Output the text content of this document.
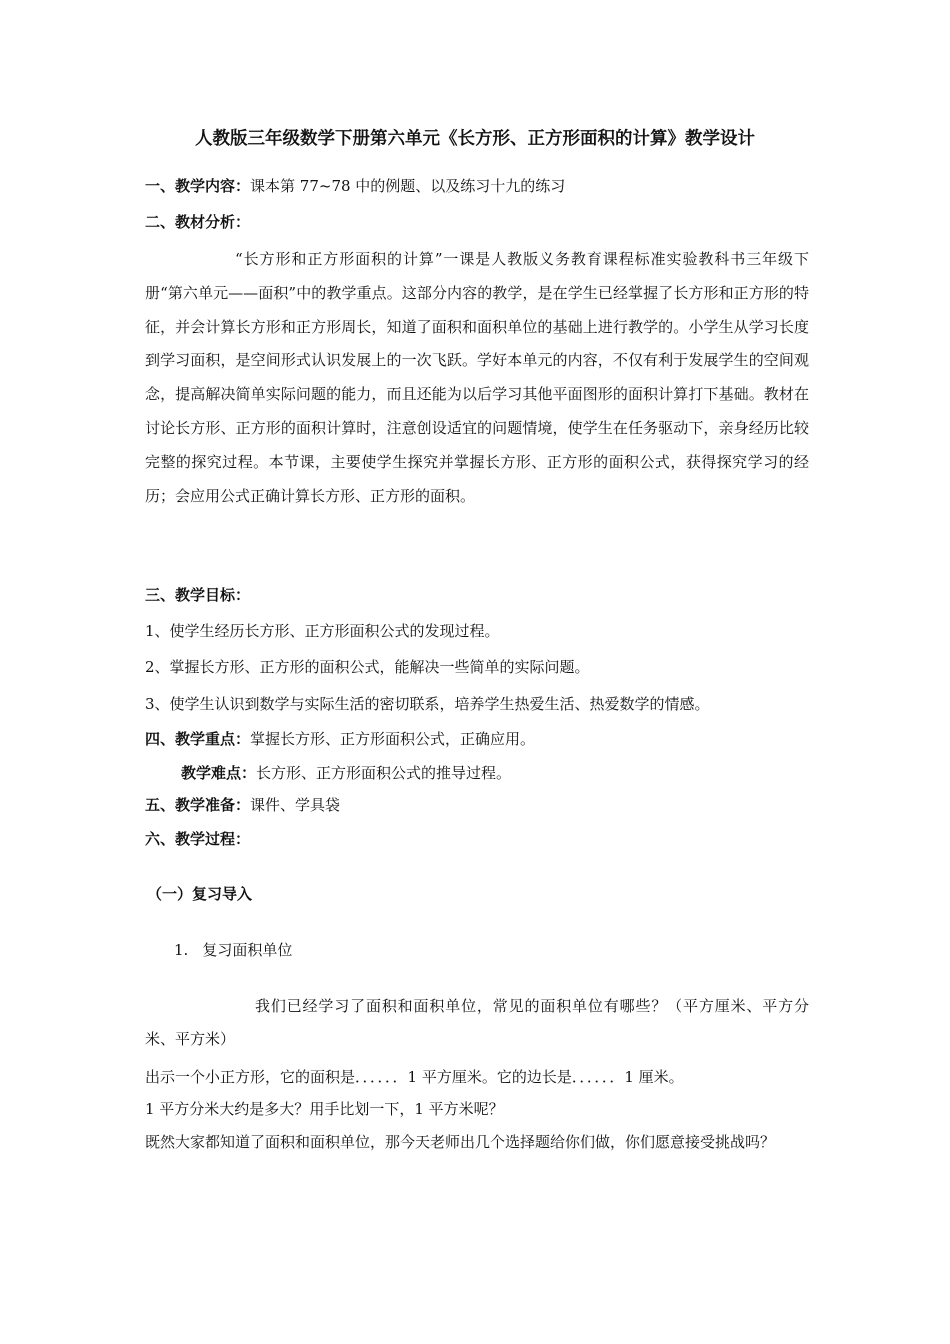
人教版三年级数学下册第六单元《长方形、正方形面积的计算》教学设计
一、教学内容：课本第 77~78 中的例题、以及练习十九的练习
二、教材分析：
“长方形和正方形面积的计算”一课是人教版义务教育课程标准实验教科书三年级下册“第六单元——面积”中的教学重点。这部分内容的教学，是在学生已经掌握了长方形和正方形的特征，并会计算长方形和正方形周长，知道了面积和面积单位的基础上进行教学的。小学生从学习长度到学习面积，是空间形式认识发展上的一次飞跃。学好本单元的内容，不仅有利于发展学生的空间观念，提高解决简单实际问题的能力，而且还能为以后学习其他平面图形的面积计算打下基础。教材在讨论长方形、正方形的面积计算时，注意创设适宜的问题情境，使学生在任务驱动下，亲身经历比较完整的探究过程。本节课，主要使学生探究并掌握长方形、正方形的面积公式，获得探究学习的经历；会应用公式正确计算长方形、正方形的面积。
三、教学目标：
1、使学生经历长方形、正方形面积公式的发现过程。
2、掌握长方形、正方形的面积公式，能解决一些简单的实际问题。
3、使学生认识到数学与实际生活的密切联系，培养学生热爱生活、热爱数学的情感。
四、教学重点：掌握长方形、正方形面积公式，正确应用。
教学难点：长方形、正方形面积公式的推导过程。
五、教学准备：课件、学具袋
六、教学过程：
（一）复习导入
1. 复习面积单位
我们已经学习了面积和面积单位，常见的面积单位有哪些？（平方厘米、平方分米、平方米）
出示一个小正方形，它的面积是．．．．．．1 平方厘米。它的边长是．．．．．．1 厘米。
1 平方分米大约是多大？用手比划一下，1 平方米呢？
既然大家都知道了面积和面积单位，那今天老师出几个选择题给你们做，你们愿意接受挑战吗？
